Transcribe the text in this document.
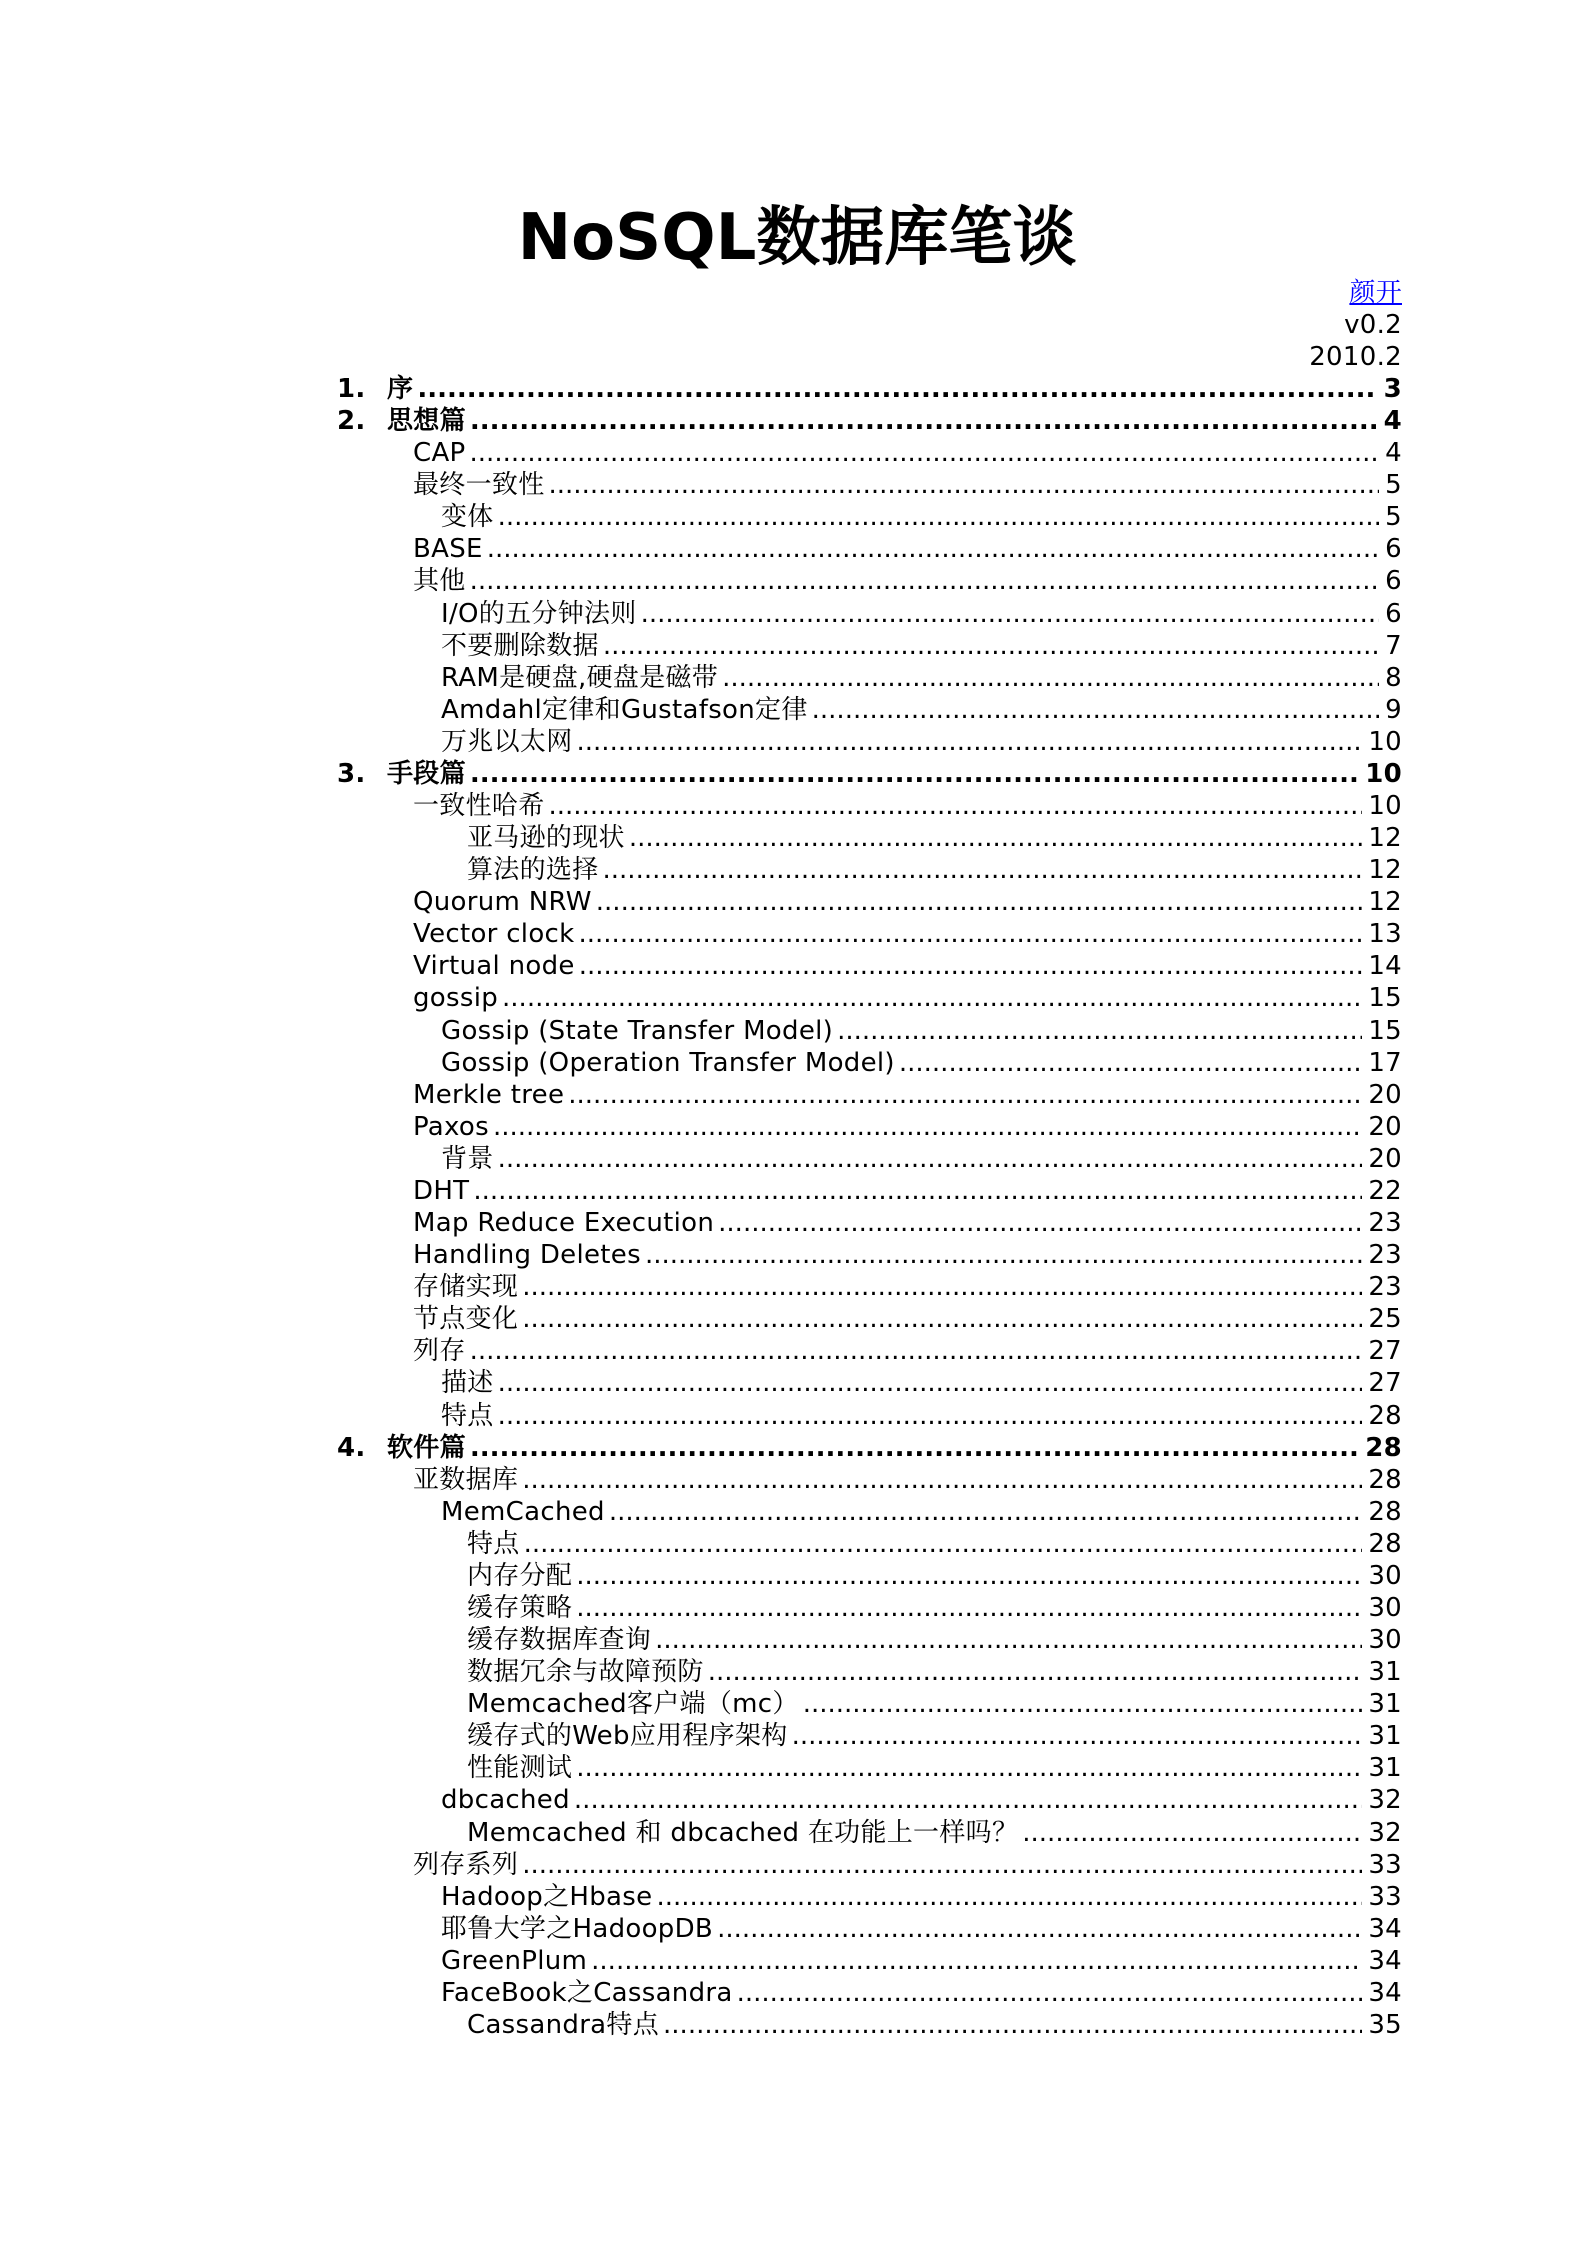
NoSQL数据库笔谈
颜开
v0.2
2010.2
1. 序 .....	3
2. 思想篇 .....	4
CAP .....	4
最终一致性 .....	5
变体 .....	5
BASE .....	6
其他 .....	6
I/O的五分钟法则 .....	6
不要删除数据 .....	7
RAM是硬盘,硬盘是磁带 .....	8
Amdahl定律和Gustafson定律 .....	9
万兆以太网 .....	10
3. 手段篇 .....	10
一致性哈希 .....	10
亚马逊的现状 .....	12
算法的选择 .....	12
Quorum NRW .....	12
Vector clock .....	13
Virtual node .....	14
gossip .....	15
Gossip (State Transfer Model) .....	15
Gossip (Operation Transfer Model) .....	17
Merkle tree .....	20
Paxos .....	20
背景 .....	20
DHT .....	22
Map Reduce Execution .....	23
Handling Deletes .....	23
存储实现 .....	23
节点变化 .....	25
列存 .....	27
描述 .....	27
特点 .....	28
4. 软件篇 .....	28
亚数据库 .....	28
MemCached .....	28
特点 .....	28
内存分配 .....	30
缓存策略 .....	30
缓存数据库查询 .....	30
数据冗余与故障预防 .....	31
Memcached客户端（mc） .....	31
缓存式的Web应用程序架构 .....	31
性能测试 .....	31
dbcached .....	32
Memcached 和 dbcached 在功能上一样吗？ .....	32
列存系列 .....	33
Hadoop之Hbase .....	33
耶鲁大学之HadoopDB .....	34
GreenPlum .....	34
FaceBook之Cassandra .....	34
Cassandra特点 .....	35
